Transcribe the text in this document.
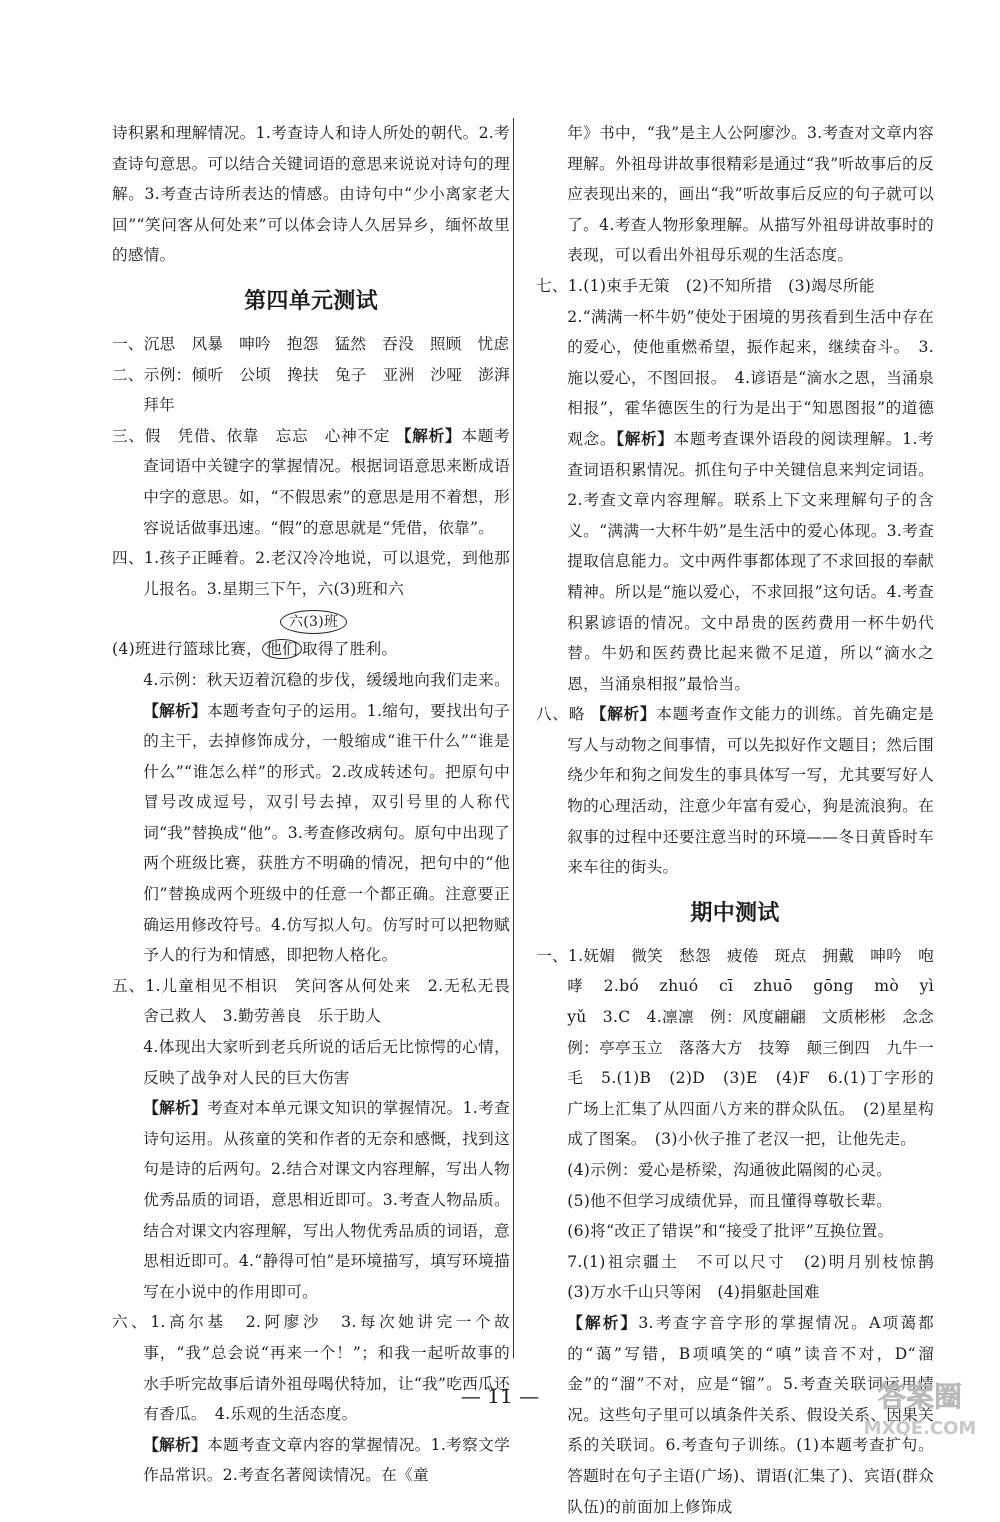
诗积累和理解情况。1.考查诗人和诗人所处的朝代。2.考查诗句意思。可以结合关键词语的意思来说说对诗句的理解。3.考查古诗所表达的情感。由诗句中“少小离家老大回”“笑问客从何处来”可以体会诗人久居异乡，缅怀故里的感情。

第四单元测试

一、沉思　风暴　呻吟　抱怨　猛然　吞没　照顾　忧虑

二、示例：倾听　公顷　搀扶　兔子　亚洲　沙哑　澎湃　拜年

三、假　凭借、依靠　忘忘　心神不定 【解析】本题考查词语中关键字的掌握情况。根据词语意思来断成语中字的意思。如，“不假思索”的意思是用不着想，形容说话做事迅速。“假”的意思就是“凭借，依靠”。

四、1.孩子正睡着。2.老汉冷冷地说，可以退党，到他那儿报名。3.星期三下午，六(3)班和六

六(3)班

(4)班进行篮球比赛， 他们 取得了胜利。

4.示例：秋天迈着沉稳的步伐，缓缓地向我们走来。【解析】本题考查句子的运用。1.缩句，要找出句子的主干，去掉修饰成分，一般缩成“谁干什么”“谁是什么”“谁怎么样”的形式。2.改成转述句。把原句中冒号改成逗号，双引号去掉，双引号里的人称代词“我”替换成“他”。3.考查修改病句。原句中出现了两个班级比赛，获胜方不明确的情况，把句中的“他们”替换成两个班级中的任意一个都正确。注意要正确运用修改符号。4.仿写拟人句。仿写时可以把物赋予人的行为和情感，即把物人格化。

五、1.儿童相见不相识　笑问客从何处来　2.无私无畏　舍己救人　3.勤劳善良　乐于助人

4.体现出大家听到老兵所说的话后无比惊愕的心情，反映了战争对人民的巨大伤害

【解析】考查对本单元课文知识的掌握情况。1.考查诗句运用。从孩童的笑和作者的无奈和感慨，找到这句是诗的后两句。2.结合对课文内容理解，写出人物优秀品质的词语，意思相近即可。3.考查人物品质。结合对课文内容理解，写出人物优秀品质的词语，意思相近即可。4.“静得可怕”是环境描写，填写环境描写在小说中的作用即可。

六、1.高尔基　2.阿廖沙　3.每次她讲完一个故事，“我”总会说“再来一个！”；和我一起听故事的水手听完故事后请外祖母喝伏特加，让“我”吃西瓜还有香瓜。　4.乐观的生活态度。

【解析】本题考查文章内容的掌握情况。1.考察文学作品常识。2.考查名著阅读情况。在《童

年》书中，“我”是主人公阿廖沙。3.考查对文章内容理解。外祖母讲故事很精彩是通过“我”听故事后的反应表现出来的，画出“我”听故事后反应的句子就可以了。4.考查人物形象理解。从描写外祖母讲故事时的表现，可以看出外祖母乐观的生活态度。

七、1.(1)束手无策　(2)不知所措　(3)竭尽所能

2.“满满一杯牛奶”使处于困境的男孩看到生活中存在的爱心，使他重燃希望，振作起来，继续奋斗。　3.施以爱心，不图回报。　4.谚语是“滴水之恩，当涌泉相报”，霍华德医生的行为是出于“知恩图报”的道德观念。【解析】本题考查课外语段的阅读理解。1.考查词语积累情况。抓住句子中关键信息来判定词语。2.考查文章内容理解。联系上下文来理解句子的含义。“满满一大杯牛奶”是生活中的爱心体现。3.考查提取信息能力。文中两件事都体现了不求回报的奉献精神。所以是“施以爱心，不求回报”这句话。4.考查积累谚语的情况。文中昂贵的医药费用一杯牛奶代替。牛奶和医药费比起来微不足道，所以“滴水之恩，当涌泉相报”最恰当。

八、略 【解析】本题考查作文能力的训练。首先确定是写人与动物之间事情，可以先拟好作文题目；然后围绕少年和狗之间发生的事具体写一写，尤其要写好人物的心理活动，注意少年富有爱心，狗是流浪狗。在叙事的过程中还要注意当时的环境——冬日黄昏时车来车往的街头。

期中测试

一、1.妩媚　微笑　愁怨　疲倦　斑点　拥戴　呻吟　咆哮　2.bó　zhuó　cī　zhuō　gōng　mò　yì　yǔ　3.C　4.凛凛　例：风度翩翩　文质彬彬　念念　例：亭亭玉立　落落大方　技筹　颠三倒四　九牛一毛　5.(1)B　(2)D　(3)E　(4)F　6.(1)丁字形的广场上汇集了从四面八方来的群众队伍。　(2)星星构成了图案。　(3)小伙子推了老汉一把，让他先走。

(4)示例：爱心是桥梁，沟通彼此隔阂的心灵。

(5)他不但学习成绩优异，而且懂得尊敬长辈。

(6)将“改正了错误”和“接受了批评”互换位置。

7.(1)祖宗疆土　不可以尺寸　(2)明月别枝惊鹊　(3)万水千山只等闲　(4)捐躯赴国难

【解析】3.考查字音字形的掌握情况。A项蔼都的“蔼”写错，B项嗔笑的“嗔”读音不对，D“溜金”的“溜”不对，应是“镏”。5.考查关联词运用情况。这些句子里可以填条件关系、假设关系、因果关系的关联词。6.考查句子训练。(1)本题考查扩句。答题时在句子主语(广场)、谓语(汇集了)、宾语(群众队伍)的前面加上修饰成

— 11 —	答案圈
MXQE.COM
